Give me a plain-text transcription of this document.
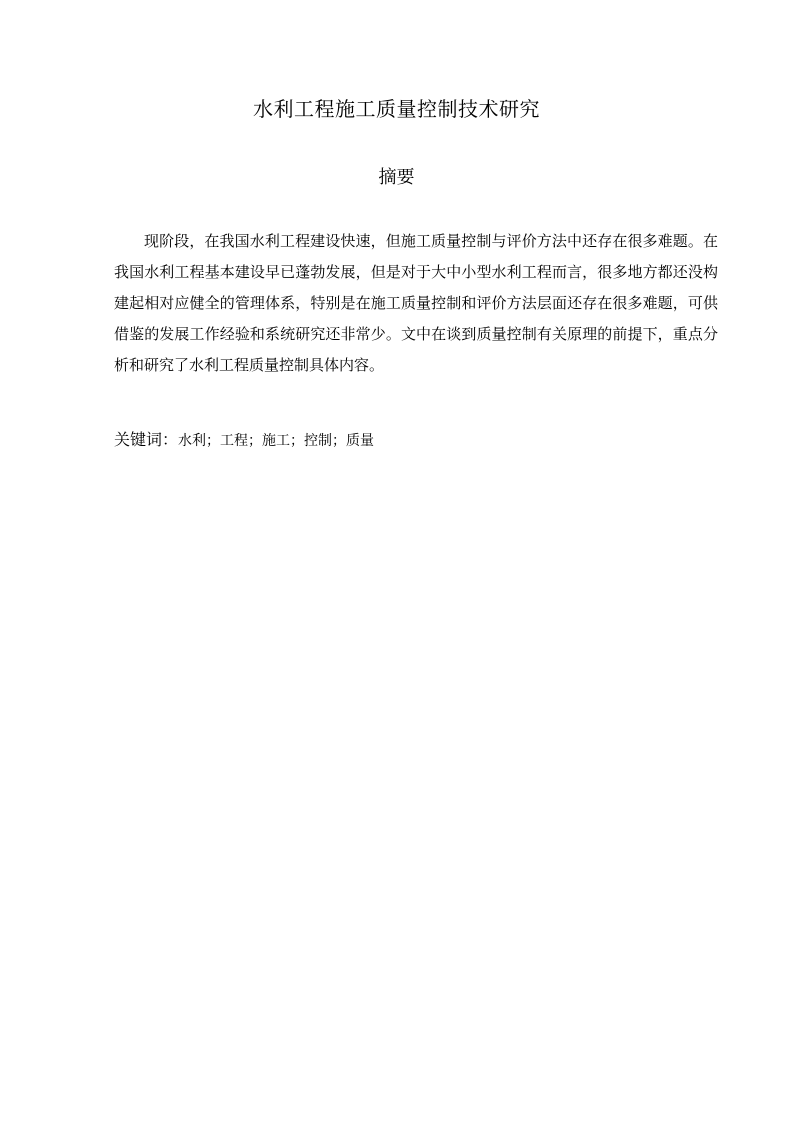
水利工程施工质量控制技术研究
摘要
现阶段，在我国水利工程建设快速，但施工质量控制与评价方法中还存在很多难题。在我国水利工程基本建设早已蓬勃发展，但是对于大中小型水利工程而言，很多地方都还没构建起相对应健全的管理体系，特别是在施工质量控制和评价方法层面还存在很多难题，可供借鉴的发展工作经验和系统研究还非常少。文中在谈到质量控制有关原理的前提下，重点分析和研究了水利工程质量控制具体内容。
关键词：水利；工程；施工；控制；质量
